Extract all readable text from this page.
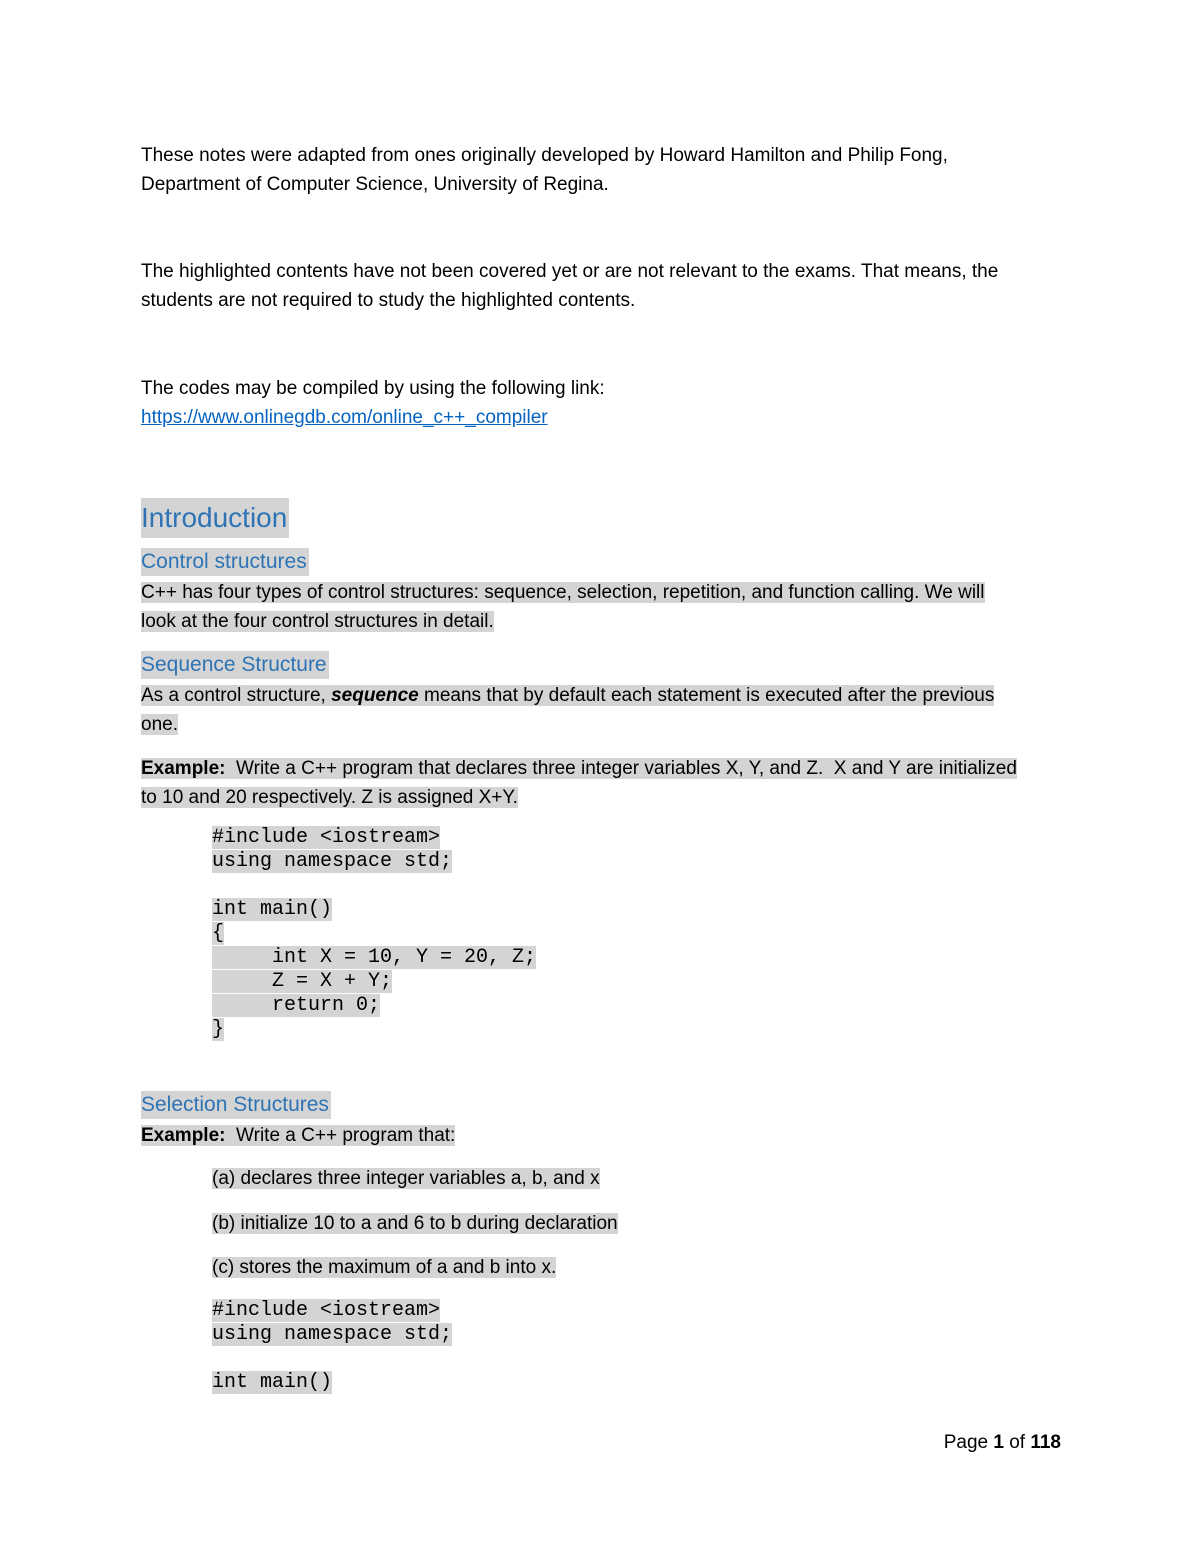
These notes were adapted from ones originally developed by Howard Hamilton and Philip Fong,

Department of Computer Science, University of Regina.

The highlighted contents have not been covered yet or are not relevant to the exams. That means, the

students are not required to study the highlighted contents.

The codes may be compiled by using the following link:

https://www.onlinegdb.com/online_c++_compiler

Introduction
Control structures

C++ has four types of control structures: sequence, selection, repetition, and function calling. We will

look at the four control structures in detail.

Sequence Structure

As a control structure, sequence means that by default each statement is executed after the previous

one.

Example:  Write a C++ program that declares three integer variables X, Y, and Z.  X and Y are initialized

to 10 and 20 respectively. Z is assigned X+Y.

#include <iostream>
using namespace std;

int main()
{
int X = 10, Y = 20, Z;
Z = X + Y;
return 0;
}
Selection Structures

Example:  Write a C++ program that:

(a) declares three integer variables a, b, and x
(b) initialize 10 to a and 6 to b during declaration
(c) stores the maximum of a and b into x.
#include <iostream>
using namespace std;

int main()
Page 1 of 118
